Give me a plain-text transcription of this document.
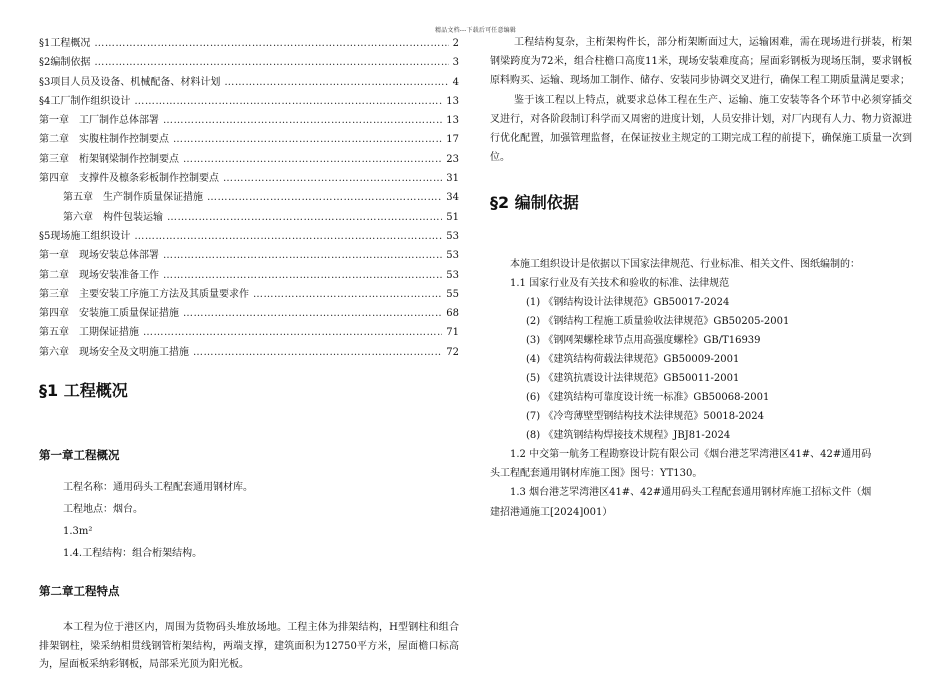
精品文档---下载后可任意编辑
§1工程概况 …………………………………………………………………………………………………………	2
§2编制依据 …………………………………………………………………………………………………………	3
§3项目人员及设备、机械配备、材料计划 …………………………………………………………………………………………………………	4
§4工厂制作组织设计 …………………………………………………………………………………………………………	13
第一章　工厂制作总体部署 …………………………………………………………………………………………………………	13
第二章　实腹柱制作控制要点 …………………………………………………………………………………………………………	17
第三章　桁架钢梁制作控制要点 …………………………………………………………………………………………………………	23
第四章　支撑件及檩条彩板制作控制要点 …………………………………………………………………………………………………………	31
第五章　生产制作质量保证措施 …………………………………………………………………………………………………………	34
第六章　构件包装运输 …………………………………………………………………………………………………………	51
§5现场施工组织设计 …………………………………………………………………………………………………………	53
第一章　现场安装总体部署 …………………………………………………………………………………………………………	53
第二章　现场安装准备工作 …………………………………………………………………………………………………………	53
第三章　主要安装工序施工方法及其质量要求作 …………………………………………………………………………………………………………	55
第四章　安装施工质量保证措施 …………………………………………………………………………………………………………	68
第五章　工期保证措施 …………………………………………………………………………………………………………	71
第六章　现场安全及文明施工措施 …………………………………………………………………………………………………………	72
§1 工程概况
第一章工程概况

工程名称：通用码头工程配套通用钢材库。

工程地点：烟台。

1.3m²

1.4.工程结构：组合桁架结构。

第二章工程特点

本工程为位于港区内，周围为货物码头堆放场地。工程主体为排架结构，H型钢柱和组合排架钢柱，梁采纳相贯线钢管桁架结构，两端支撑，建筑面积为12750平方米，屋面檐口标高为，屋面板采纳彩钢板，局部采光顶为阳光板。

工程结构复杂，主桁架构件长，部分桁架断面过大，运输困难，需在现场进行拼装，桁架钢梁跨度为72米，组合柱檐口高度11米，现场安装难度高；屋面彩钢板为现场压制，要求钢板原料购买、运输、现场加工制作、储存、安装同步协调交叉进行，确保工程工期质量满足要求；

鉴于该工程以上特点，就要求总体工程在生产、运输、施工安装等各个环节中必须穿插交叉进行，对各阶段制订科学而又周密的进度计划，人员安排计划，对厂内现有人力、物力资源进行优化配置，加强管理监督，在保证按业主规定的工期完成工程的前提下，确保施工质量一次到位。

§2 编制依据

本施工组织设计是依据以下国家法律规范、行业标准、相关文件、图纸编制的：

1.1 国家行业及有关技术和验收的标准、法律规范

(1) 《钢结构设计法律规范》GB50017-2024
(2) 《钢结构工程施工质量验收法律规范》GB50205-2001
(3) 《钢网架螺栓球节点用高强度螺栓》GB/T16939
(4) 《建筑结构荷载法律规范》GB50009-2001
(5) 《建筑抗震设计法律规范》GB50011-2001
(6) 《建筑结构可靠度设计统一标准》GB50068-2001
(7) 《冷弯薄壁型钢结构技术法律规范》50018-2024
(8) 《建筑钢结构焊接技术规程》JBJ81-2024

1.2 中交第一航务工程勘察设计院有限公司《烟台港芝罘湾港区41#、42#通用码

头工程配套通用钢材库施工图》图号：YT130。

1.3 烟台港芝罘湾港区41#、42#通用码头工程配套通用钢材库施工招标文件（烟

建招港通施工[2024]001）
